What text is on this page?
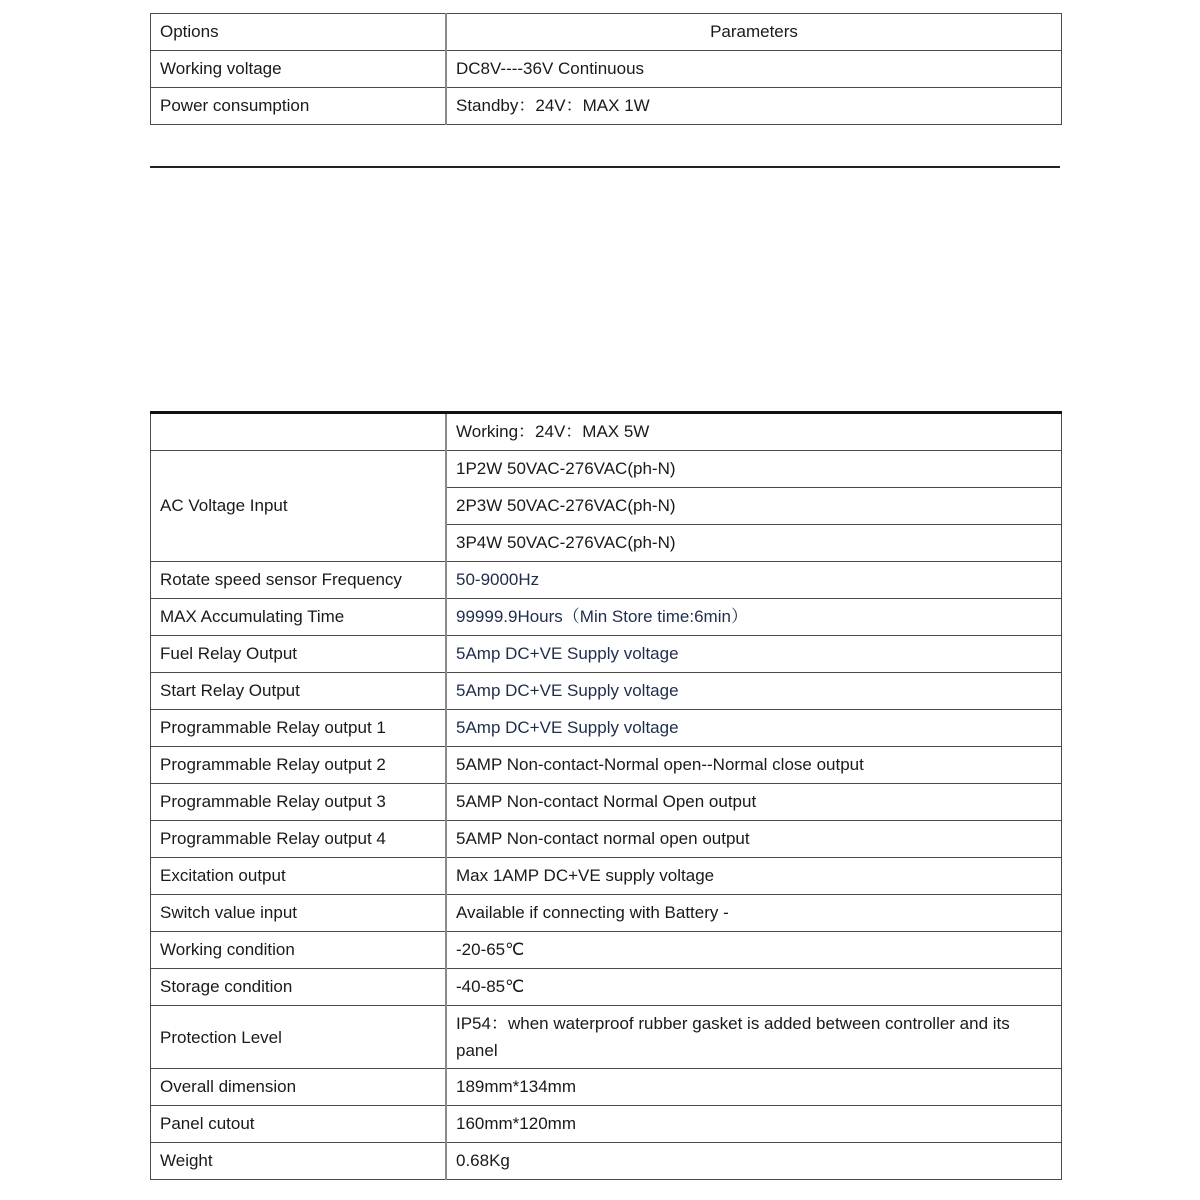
Options	Parameters
Working voltage	DC8V----36V Continuous
Power consumption	Standby：24V：MAX 1W
	Working：24V：MAX 5W
AC Voltage Input	1P2W 50VAC-276VAC(ph-N)
	2P3W 50VAC-276VAC(ph-N)
	3P4W 50VAC-276VAC(ph-N)
Rotate speed sensor Frequency	50-9000Hz
MAX Accumulating Time	99999.9Hours（Min Store time:6min）
Fuel Relay Output	5Amp DC+VE Supply voltage
Start Relay Output	5Amp DC+VE Supply voltage
Programmable Relay output 1	5Amp DC+VE Supply voltage
Programmable Relay output 2	5AMP Non-contact-Normal open--Normal close output
Programmable Relay output 3	5AMP Non-contact Normal Open output
Programmable Relay output 4	5AMP Non-contact normal open output
Excitation output	Max 1AMP DC+VE supply voltage
Switch value input	Available if connecting with Battery -
Working condition	-20-65℃
Storage condition	-40-85℃
Protection Level	IP54：when waterproof rubber gasket is added between controller and its panel
Overall dimension	189mm*134mm
Panel cutout	160mm*120mm
Weight	0.68Kg
